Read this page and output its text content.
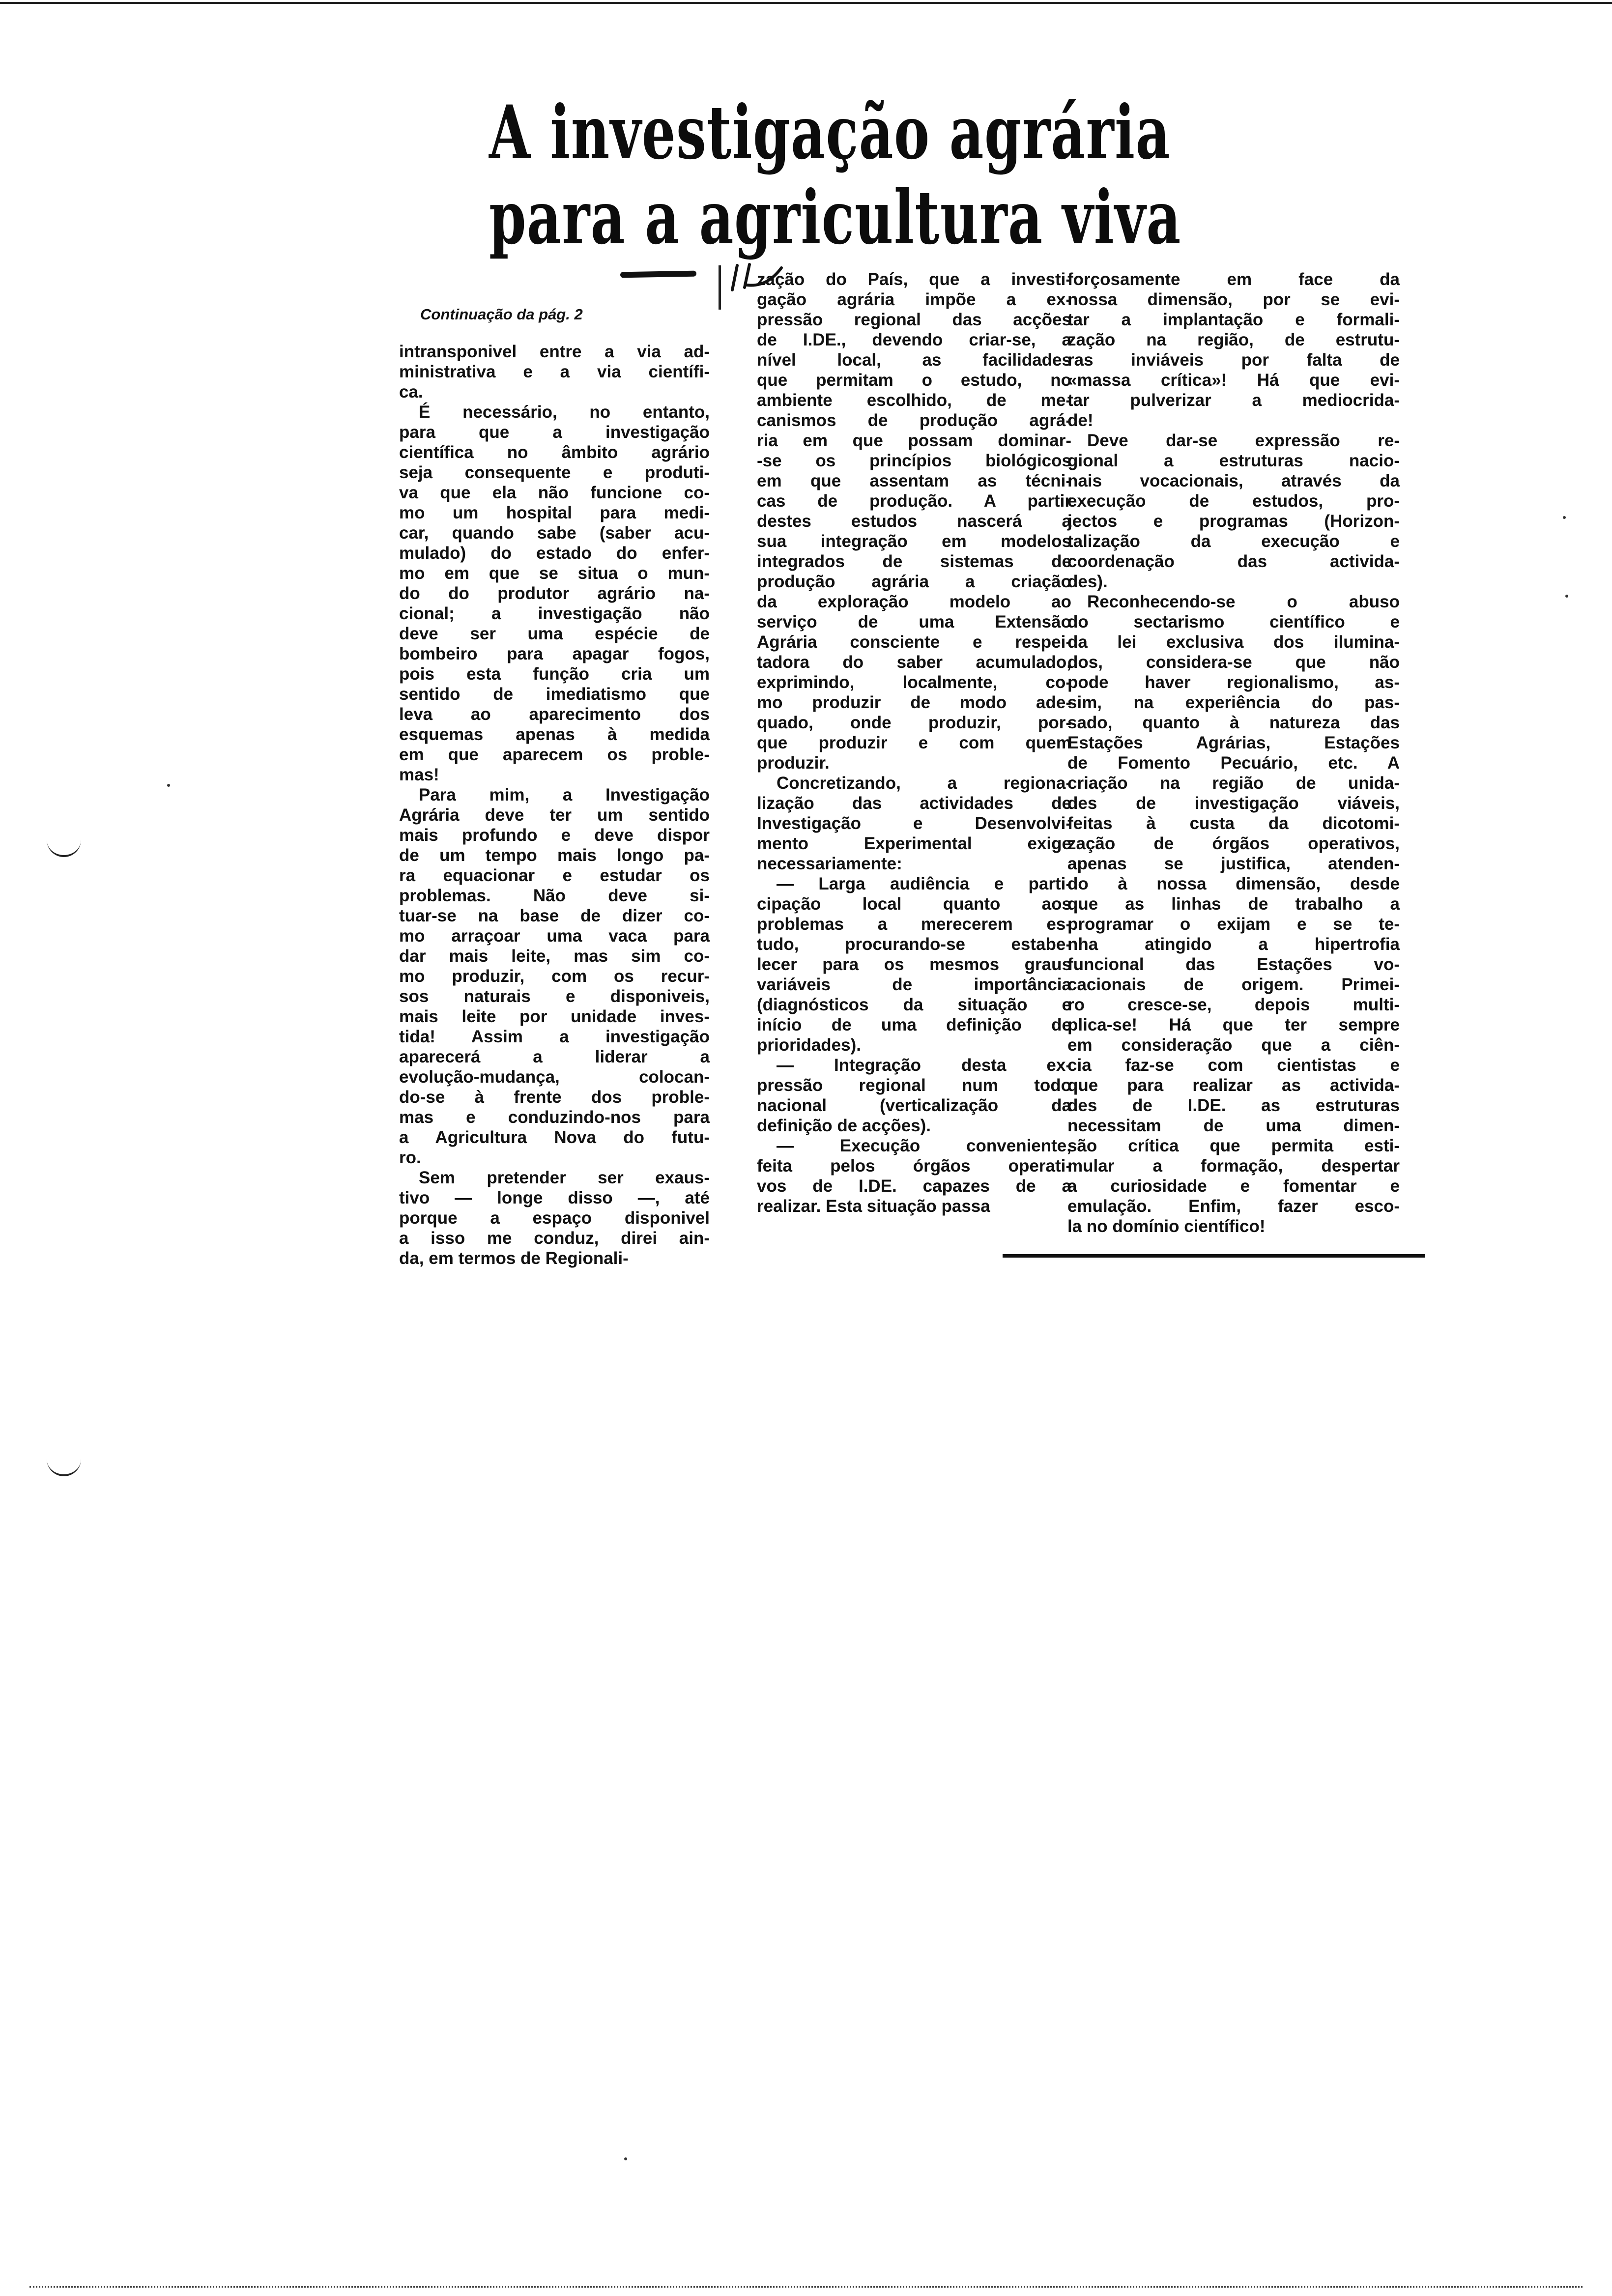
A investigação agrária
para a agricultura viva
Continuação da pág. 2
intransponivel entre a via ad-
ministrativa e a via científi-
ca.
É necessário, no entanto,
para que a investigação
científica no âmbito agrário
seja consequente e produti-
va que ela não funcione co-
mo um hospital para medi-
car, quando sabe (saber acu-
mulado) do estado do enfer-
mo em que se situa o mun-
do do produtor agrário na-
cional; a investigação não
deve ser uma espécie de
bombeiro para apagar fogos,
pois esta função cria um
sentido de imediatismo que
leva ao aparecimento dos
esquemas apenas à medida
em que aparecem os proble-
mas!
Para mim, a Investigação
Agrária deve ter um sentido
mais profundo e deve dispor
de um tempo mais longo pa-
ra equacionar e estudar os
problemas. Não deve si-
tuar-se na base de dizer co-
mo arraçoar uma vaca para
dar mais leite, mas sim co-
mo produzir, com os recur-
sos naturais e disponiveis,
mais leite por unidade inves-
tida! Assim a investigação
aparecerá a liderar a
evolução-mudança, colocan-
do-se à frente dos proble-
mas e conduzindo-nos para
a Agricultura Nova do futu-
ro.
Sem pretender ser exaus-
tivo — longe disso —, até
porque a espaço disponivel
a isso me conduz, direi ain-
da, em termos de Regionali-
zação do País, que a investi-
gação agrária impõe a ex-
pressão regional das acções
de I.DE., devendo criar-se, a
nível local, as facilidades
que permitam o estudo, no
ambiente escolhido, de me-
canismos de produção agrá-
ria em que possam dominar-
-se os princípios biológicos
em que assentam as técni-
cas de produção. A partir
destes estudos nascerá a
sua integração em modelos
integrados de sistemas de
produção agrária a criação
da exploração modelo ao
serviço de uma Extensão
Agrária consciente e respei-
tadora do saber acumulado,
exprimindo, localmente, co-
mo produzir de modo ade-
quado, onde produzir, por-
que produzir e com quem
produzir.
Concretizando, a regiona-
lização das actividades de
Investigação e Desenvolvi-
mento Experimental exige
necessariamente:
— Larga audiência e parti-
cipação local quanto aos
problemas a merecerem es-
tudo, procurando-se estabe-
lecer para os mesmos graus
variáveis de importância
(diagnósticos da situação e
início de uma definição de
prioridades).
— Integração desta ex-
pressão regional num todo
nacional (verticalização da
definição de acções).
— Execução conveniente,
feita pelos órgãos operati-
vos de I.DE. capazes de a
realizar. Esta situação passa
forçosamente em face da
nossa dimensão, por se evi-
tar a implantação e formali-
zação na região, de estrutu-
ras inviáveis por falta de
«massa crítica»! Há que evi-
tar pulverizar a mediocrida-
de!
Deve dar-se expressão re-
gional a estruturas nacio-
nais vocacionais, através da
execução de estudos, pro-
jectos e programas (Horizon-
talização da execução e
coordenação das activida-
des).
Reconhecendo-se o abuso
do sectarismo científico e
da lei exclusiva dos ilumina-
dos, considera-se que não
pode haver regionalismo, as-
sim, na experiência do pas-
sado, quanto à natureza das
Estações Agrárias, Estações
de Fomento Pecuário, etc. A
criação na região de unida-
des de investigação viáveis,
feitas à custa da dicotomi-
zação de órgãos operativos,
apenas se justifica, atenden-
do à nossa dimensão, desde
que as linhas de trabalho a
programar o exijam e se te-
nha atingido a hipertrofia
funcional das Estações vo-
cacionais de origem. Primei-
ro cresce-se, depois multi-
plica-se! Há que ter sempre
em consideração que a ciên-
cia faz-se com cientistas e
que para realizar as activida-
des de I.DE. as estruturas
necessitam de uma dimen-
são crítica que permita esti-
mular a formação, despertar
a curiosidade e fomentar e
emulação. Enfim, fazer esco-
la no domínio científico!
